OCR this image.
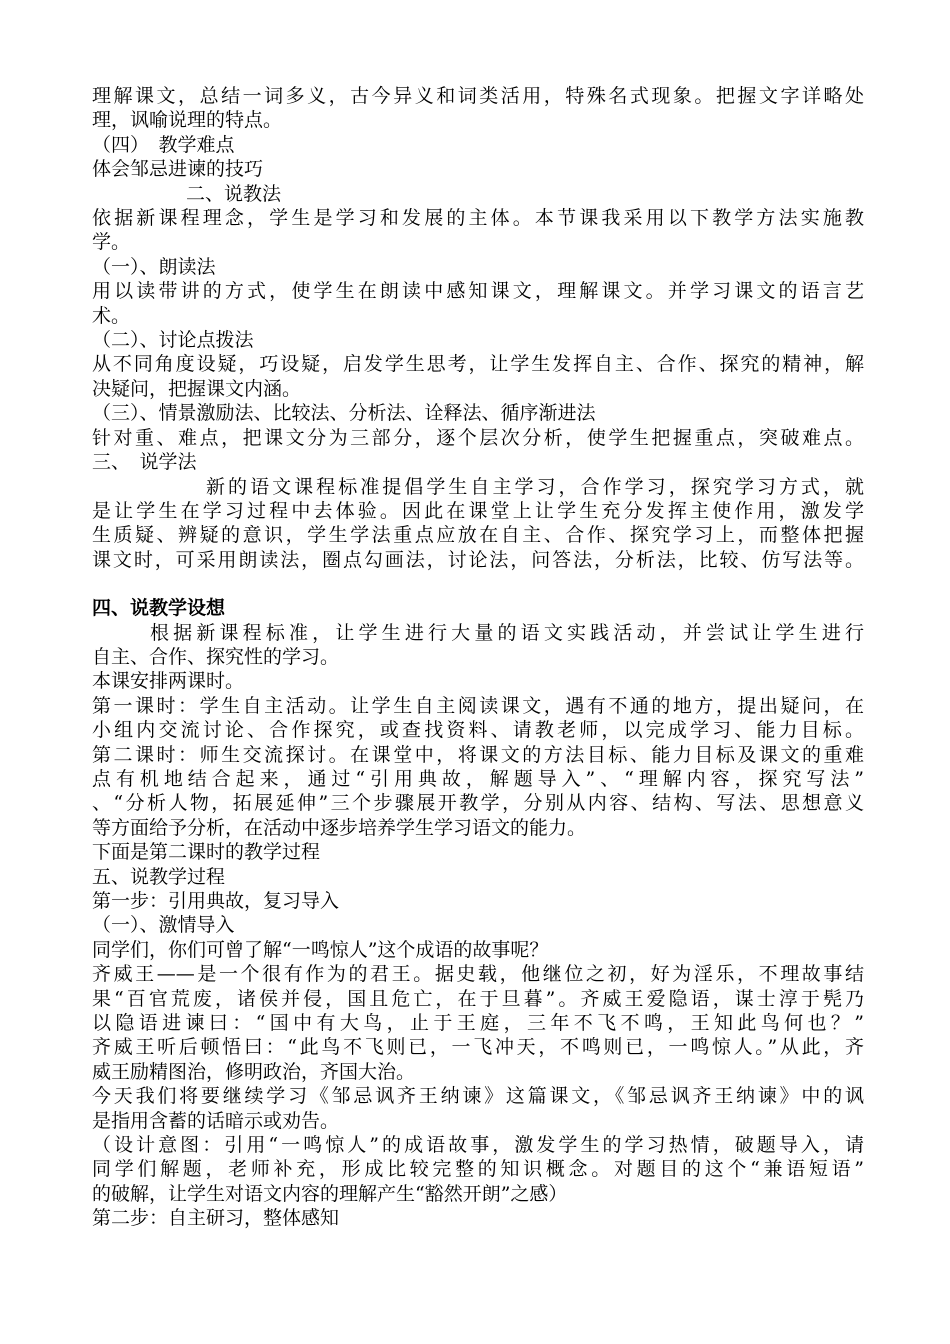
理解课文，总结一词多义，古今异义和词类活用，特殊名式现象。把握文字详略处
理，讽喻说理的特点。
（四）　教学难点
体会邹忌进谏的技巧
二、说教法
依据新课程理念，学生是学习和发展的主体。本节课我采用以下教学方法实施教
学。
（一）、朗读法
用以读带讲的方式，使学生在朗读中感知课文，理解课文。并学习课文的语言艺
术。
（二）、讨论点拨法
从不同角度设疑，巧设疑，启发学生思考，让学生发挥自主、合作、探究的精神，解
决疑问，把握课文内涵。
（三）、情景激励法、比较法、分析法、诠释法、循序渐进法
针对重、难点，把课文分为三部分，逐个层次分析，使学生把握重点，突破难点。
三、　说学法
新的语文课程标准提倡学生自主学习，合作学习，探究学习方式，就
是让学生在学习过程中去体验。因此在课堂上让学生充分发挥主使作用，激发学
生质疑、辨疑的意识，学生学法重点应放在自主、合作、探究学习上，而整体把握
课文时，可采用朗读法，圈点勾画法，讨论法，问答法，分析法，比较、仿写法等。
四、说教学设想
根据新课程标准，让学生进行大量的语文实践活动，并尝试让学生进行
自主、合作、探究性的学习。
本课安排两课时。
第一课时：学生自主活动。让学生自主阅读课文，遇有不通的地方，提出疑问，在
小组内交流讨论、合作探究，或查找资料、请教老师，以完成学习、能力目标。
第二课时：师生交流探讨。在课堂中，将课文的方法目标、能力目标及课文的重难
点有机地结合起来，通过“引用典故，解题导入”、“理解内容，探究写法”
、“分析人物，拓展延伸”三个步骤展开教学，分别从内容、结构、写法、思想意义
等方面给予分析，在活动中逐步培养学生学习语文的能力。
下面是第二课时的教学过程
五、说教学过程
第一步：引用典故，复习导入
（一）、激情导入
同学们，你们可曾了解“一鸣惊人”这个成语的故事呢？
齐威王——是一个很有作为的君王。据史载，他继位之初，好为淫乐，不理故事结
果“百官荒废，诸侯并侵，国且危亡，在于旦暮”。齐威王爱隐语，谋士淳于髡乃
以隐语进谏曰：“国中有大鸟，止于王庭，三年不飞不鸣，王知此鸟何也？”
齐威王听后顿悟曰：“此鸟不飞则已，一飞冲天，不鸣则已，一鸣惊人。”从此，齐
威王励精图治，修明政治，齐国大治。
今天我们将要继续学习《邹忌讽齐王纳谏》这篇课文，《邹忌讽齐王纳谏》中的讽
是指用含蓄的话暗示或劝告。
（设计意图：引用“一鸣惊人”的成语故事，激发学生的学习热情，破题导入，请
同学们解题，老师补充，形成比较完整的知识概念。对题目的这个“兼语短语”
的破解，让学生对语文内容的理解产生“豁然开朗”之感）
第二步：自主研习，整体感知
